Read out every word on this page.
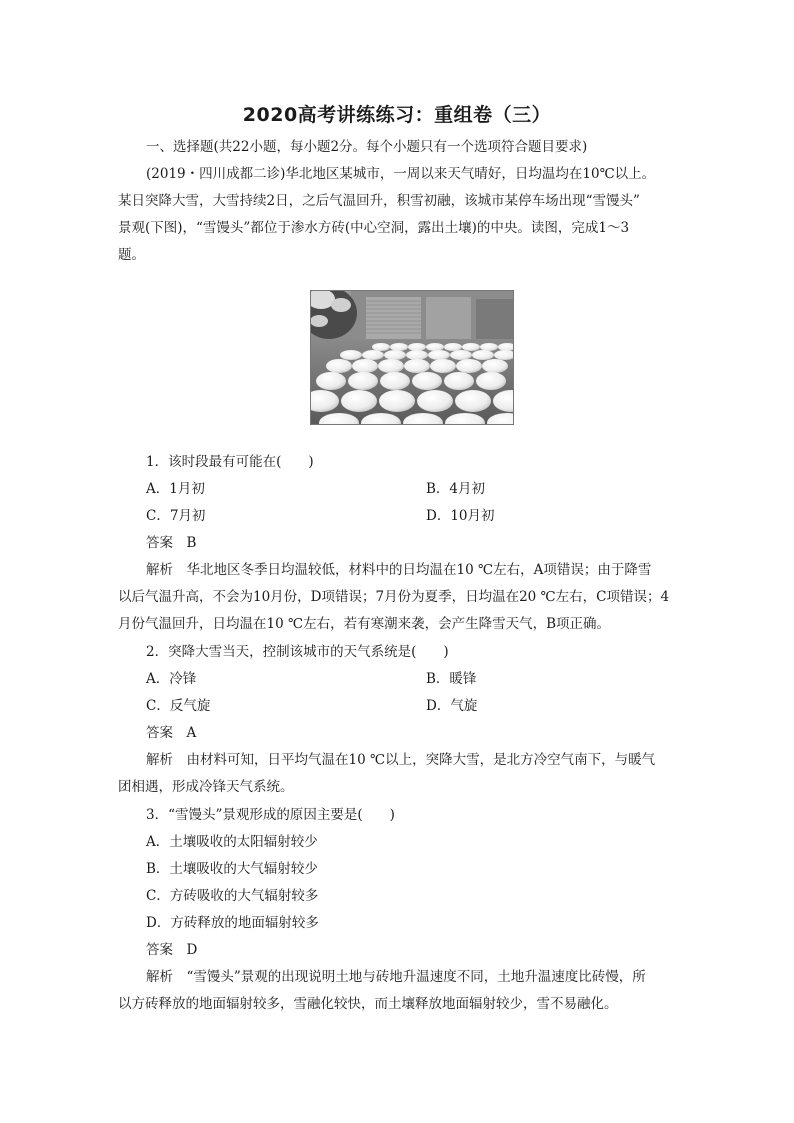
2020高考讲练练习：重组卷（三）
一、选择题(共22小题，每小题2分。每个小题只有一个选项符合题目要求)
(2019・四川成都二诊)华北地区某城市，一周以来天气晴好，日均温均在10℃以上。
某日突降大雪，大雪持续2日，之后气温回升，积雪初融，该城市某停车场出现“雪馒头”
景观(下图)，“雪馒头”都位于渗水方砖(中心空洞，露出土壤)的中央。读图，完成1～3
题。
1．该时段最有可能在(　　)
A．1月初	B．4月初
C．7月初	D．10月初
答案　B
解析　华北地区冬季日均温较低，材料中的日均温在10 ℃左右，A项错误；由于降雪
以后气温升高，不会为10月份，D项错误；7月份为夏季，日均温在20 ℃左右，C项错误；4
月份气温回升，日均温在10 ℃左右，若有寒潮来袭，会产生降雪天气，B项正确。
2．突降大雪当天，控制该城市的天气系统是(　　)
A．冷锋	B．暖锋
C．反气旋	D．气旋
答案　A
解析　由材料可知，日平均气温在10 ℃以上，突降大雪，是北方冷空气南下，与暖气
团相遇，形成冷锋天气系统。
3．“雪馒头”景观形成的原因主要是(　　)
A．土壤吸收的太阳辐射较少
B．土壤吸收的大气辐射较少
C．方砖吸收的大气辐射较多
D．方砖释放的地面辐射较多
答案　D
解析　“雪馒头”景观的出现说明土地与砖地升温速度不同，土地升温速度比砖慢，所
以方砖释放的地面辐射较多，雪融化较快，而土壤释放地面辐射较少，雪不易融化。
